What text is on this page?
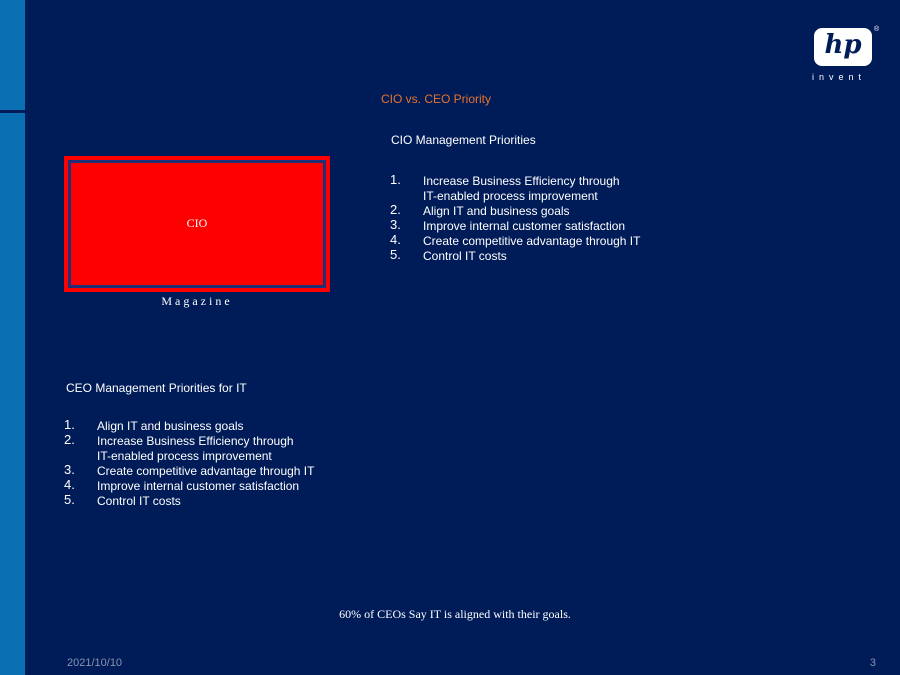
hp
®
invent
CIO vs. CEO Priority
CIO Management Priorities
1. Increase Business Efficiency through
IT-enabled process improvement
2. Align IT and business goals
3. Improve internal customer satisfaction
4. Create competitive advantage through IT
5. Control IT costs
CIO
Magazine
CEO Management Priorities for IT
1. Align IT and business goals
2. Increase Business Efficiency through
IT-enabled process improvement
3. Create competitive advantage through IT
4. Improve internal customer satisfaction
5. Control IT costs
60% of CEOs Say IT is aligned with their goals.
2021/10/10	3
